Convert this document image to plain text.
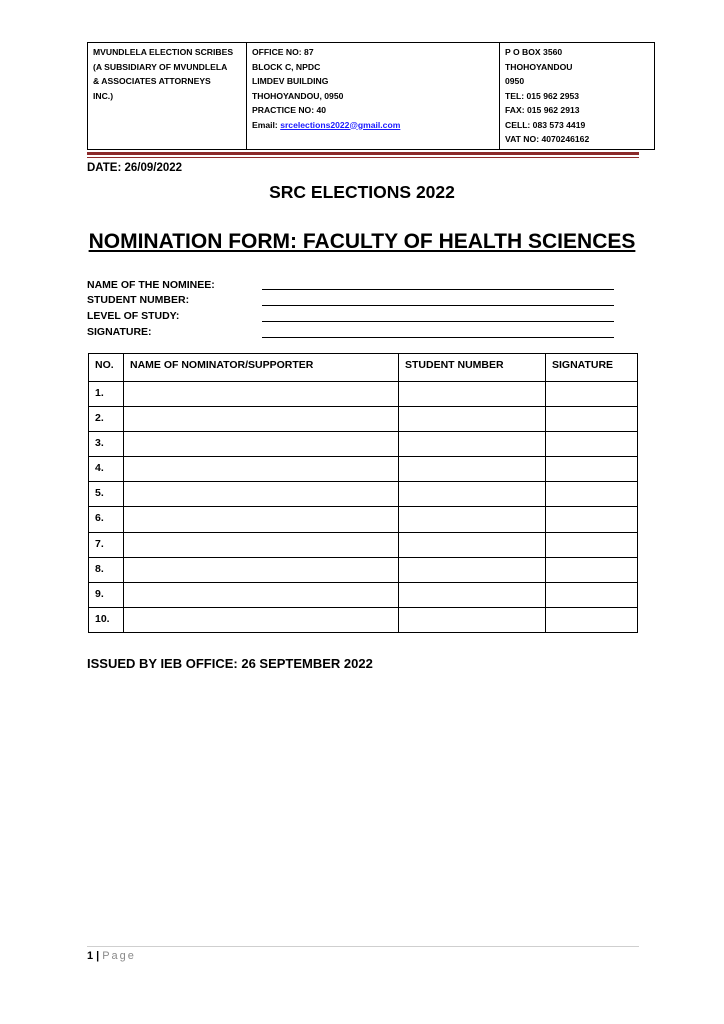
MVUNDLELA ELECTION SCRIBES
(A SUBSIDIARY OF MVUNDLELA
& ASSOCIATES ATTORNEYS
INC.)

OFFICE NO: 87
BLOCK C, NPDC
LIMDEV BUILDING
THOHOYANDOU, 0950
PRACTICE NO: 40
Email: srcelections2022@gmail.com

P O BOX 3560
THOHOYANDOU
0950
TEL: 015 962 2953
FAX: 015 962 2913
CELL: 083 573 4419
VAT NO: 4070246162
DATE: 26/09/2022
SRC ELECTIONS 2022
NOMINATION FORM: FACULTY OF HEALTH SCIENCES
NAME OF THE NOMINEE:
STUDENT NUMBER:
LEVEL OF STUDY:
SIGNATURE:
NO.	NAME OF NOMINATOR/SUPPORTER	STUDENT NUMBER	SIGNATURE
1.			
2.			
3.			
4.			
5.			
6.			
7.			
8.			
9.			
10.			
ISSUED BY IEB OFFICE: 26 SEPTEMBER 2022
1 | Page
